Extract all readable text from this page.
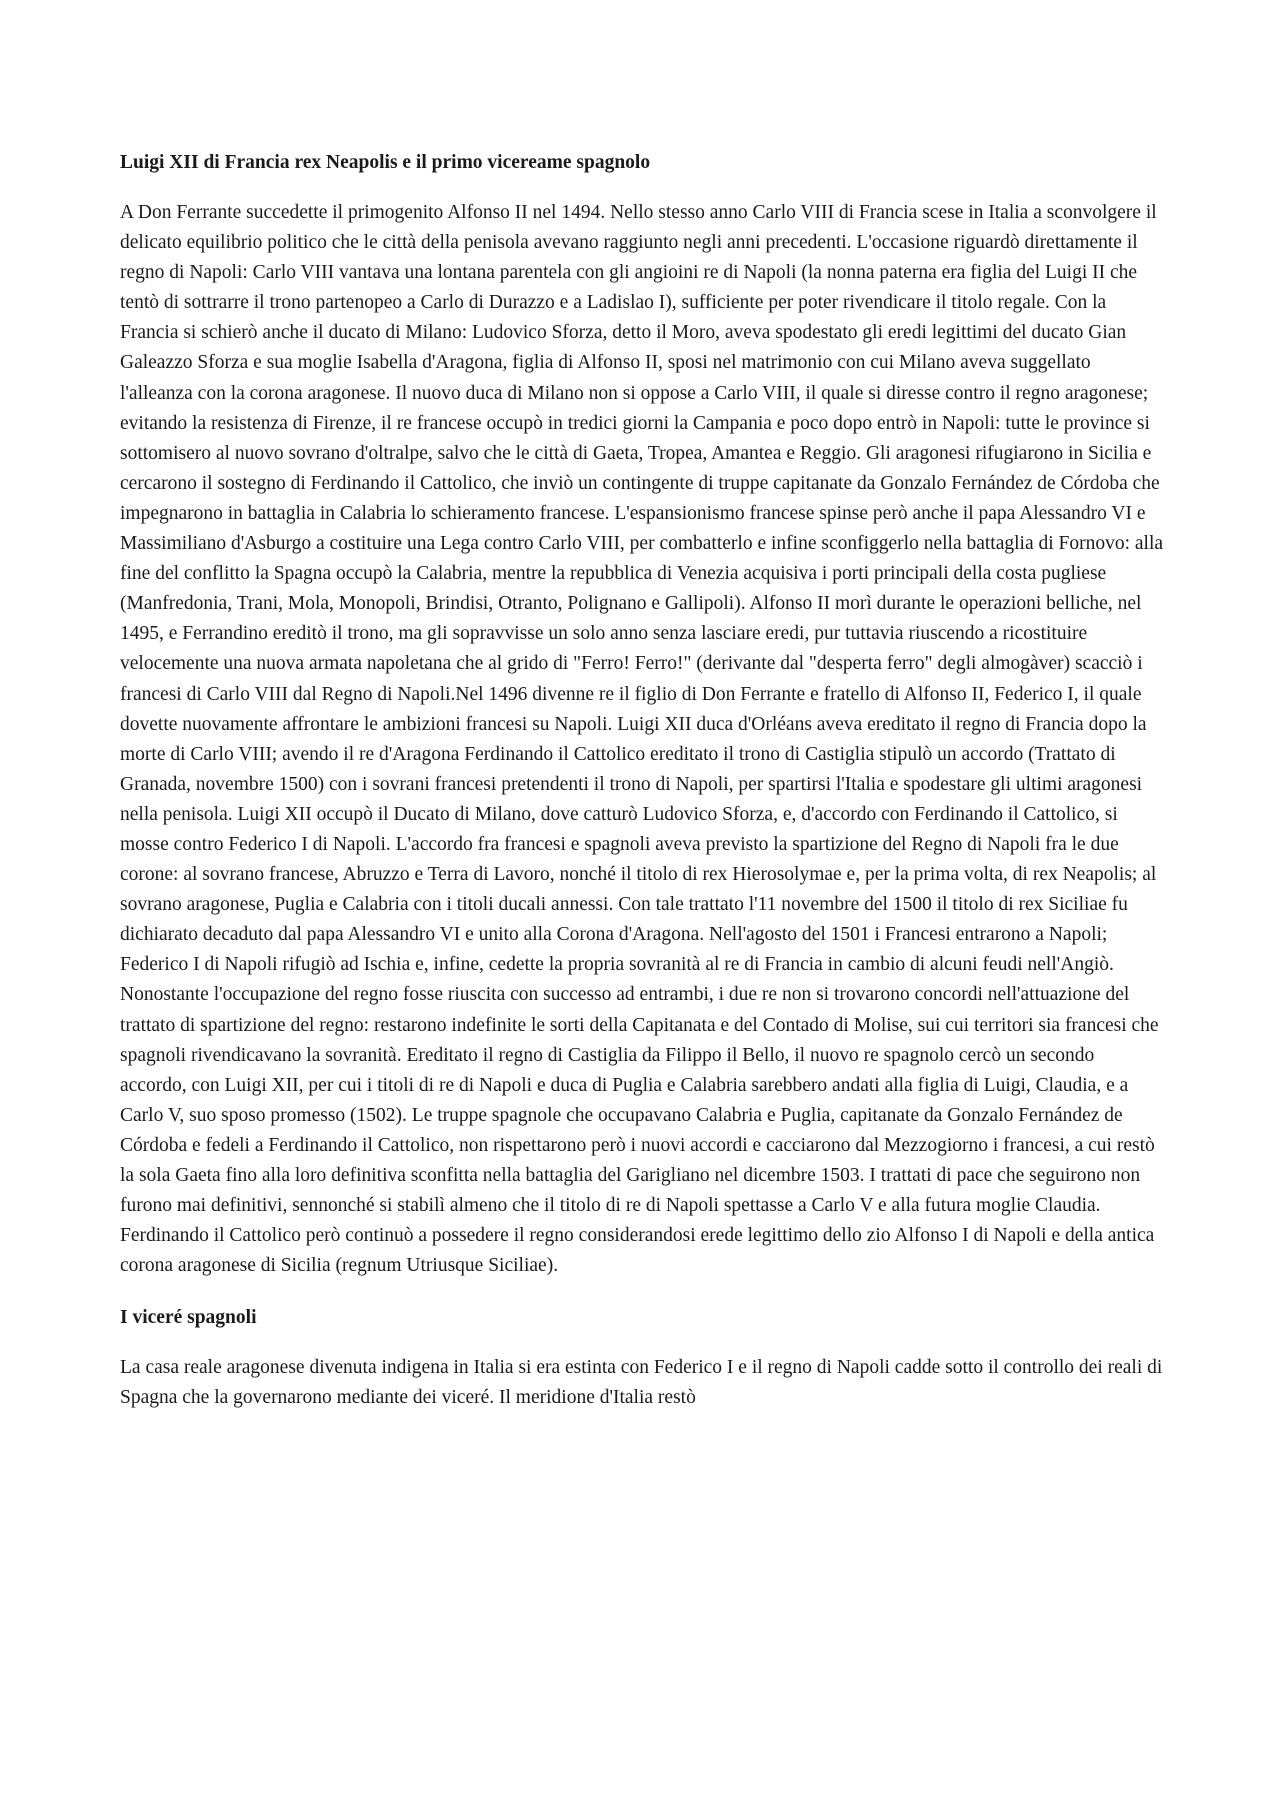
Luigi XII di Francia rex Neapolis e il primo vicereame spagnolo

A Don Ferrante succedette il primogenito Alfonso II nel 1494. Nello stesso anno Carlo VIII di Francia scese in Italia a sconvolgere il delicato equilibrio politico che le città della penisola avevano raggiunto negli anni precedenti. L'occasione riguardò direttamente il regno di Napoli: Carlo VIII vantava una lontana parentela con gli angioini re di Napoli (la nonna paterna era figlia del Luigi II che tentò di sottrarre il trono partenopeo a Carlo di Durazzo e a Ladislao I), sufficiente per poter rivendicare il titolo regale. Con la Francia si schierò anche il ducato di Milano: Ludovico Sforza, detto il Moro, aveva spodestato gli eredi legittimi del ducato Gian Galeazzo Sforza e sua moglie Isabella d'Aragona, figlia di Alfonso II, sposi nel matrimonio con cui Milano aveva suggellato l'alleanza con la corona aragonese. Il nuovo duca di Milano non si oppose a Carlo VIII, il quale si diresse contro il regno aragonese; evitando la resistenza di Firenze, il re francese occupò in tredici giorni la Campania e poco dopo entrò in Napoli: tutte le province si sottomisero al nuovo sovrano d'oltralpe, salvo che le città di Gaeta, Tropea, Amantea e Reggio. Gli aragonesi rifugiarono in Sicilia e cercarono il sostegno di Ferdinando il Cattolico, che inviò un contingente di truppe capitanate da Gonzalo Fernández de Córdoba che impegnarono in battaglia in Calabria lo schieramento francese. L'espansionismo francese spinse però anche il papa Alessandro VI e Massimiliano d'Asburgo a costituire una Lega contro Carlo VIII, per combatterlo e infine sconfiggerlo nella battaglia di Fornovo: alla fine del conflitto la Spagna occupò la Calabria, mentre la repubblica di Venezia acquisiva i porti principali della costa pugliese (Manfredonia, Trani, Mola, Monopoli, Brindisi, Otranto, Polignano e Gallipoli). Alfonso II morì durante le operazioni belliche, nel 1495, e Ferrandino ereditò il trono, ma gli sopravvisse un solo anno senza lasciare eredi, pur tuttavia riuscendo a ricostituire velocemente una nuova armata napoletana che al grido di "Ferro! Ferro!" (derivante dal "desperta ferro" degli almogàver) scacciò i francesi di Carlo VIII dal Regno di Napoli.Nel 1496 divenne re il figlio di Don Ferrante e fratello di Alfonso II, Federico I, il quale dovette nuovamente affrontare le ambizioni francesi su Napoli. Luigi XII duca d'Orléans aveva ereditato il regno di Francia dopo la morte di Carlo VIII; avendo il re d'Aragona Ferdinando il Cattolico ereditato il trono di Castiglia stipulò un accordo (Trattato di Granada, novembre 1500) con i sovrani francesi pretendenti il trono di Napoli, per spartirsi l'Italia e spodestare gli ultimi aragonesi nella penisola. Luigi XII occupò il Ducato di Milano, dove catturò Ludovico Sforza, e, d'accordo con Ferdinando il Cattolico, si mosse contro Federico I di Napoli. L'accordo fra francesi e spagnoli aveva previsto la spartizione del Regno di Napoli fra le due corone: al sovrano francese, Abruzzo e Terra di Lavoro, nonché il titolo di rex Hierosolymae e, per la prima volta, di rex Neapolis; al sovrano aragonese, Puglia e Calabria con i titoli ducali annessi. Con tale trattato l'11 novembre del 1500 il titolo di rex Siciliae fu dichiarato decaduto dal papa Alessandro VI e unito alla Corona d'Aragona. Nell'agosto del 1501 i Francesi entrarono a Napoli; Federico I di Napoli rifugiò ad Ischia e, infine, cedette la propria sovranità al re di Francia in cambio di alcuni feudi nell'Angiò. Nonostante l'occupazione del regno fosse riuscita con successo ad entrambi, i due re non si trovarono concordi nell'attuazione del trattato di spartizione del regno: restarono indefinite le sorti della Capitanata e del Contado di Molise, sui cui territori sia francesi che spagnoli rivendicavano la sovranità. Ereditato il regno di Castiglia da Filippo il Bello, il nuovo re spagnolo cercò un secondo accordo, con Luigi XII, per cui i titoli di re di Napoli e duca di Puglia e Calabria sarebbero andati alla figlia di Luigi, Claudia, e a Carlo V, suo sposo promesso (1502). Le truppe spagnole che occupavano Calabria e Puglia, capitanate da Gonzalo Fernández de Córdoba e fedeli a Ferdinando il Cattolico, non rispettarono però i nuovi accordi e cacciarono dal Mezzogiorno i francesi, a cui restò la sola Gaeta fino alla loro definitiva sconfitta nella battaglia del Garigliano nel dicembre 1503. I trattati di pace che seguirono non furono mai definitivi, sennonché si stabilì almeno che il titolo di re di Napoli spettasse a Carlo V e alla futura moglie Claudia. Ferdinando il Cattolico però continuò a possedere il regno considerandosi erede legittimo dello zio Alfonso I di Napoli e della antica corona aragonese di Sicilia (regnum Utriusque Siciliae).

I viceré spagnoli

La casa reale aragonese divenuta indigena in Italia si era estinta con Federico I e il regno di Napoli cadde sotto il controllo dei reali di Spagna che la governarono mediante dei viceré. Il meridione d'Italia restò
